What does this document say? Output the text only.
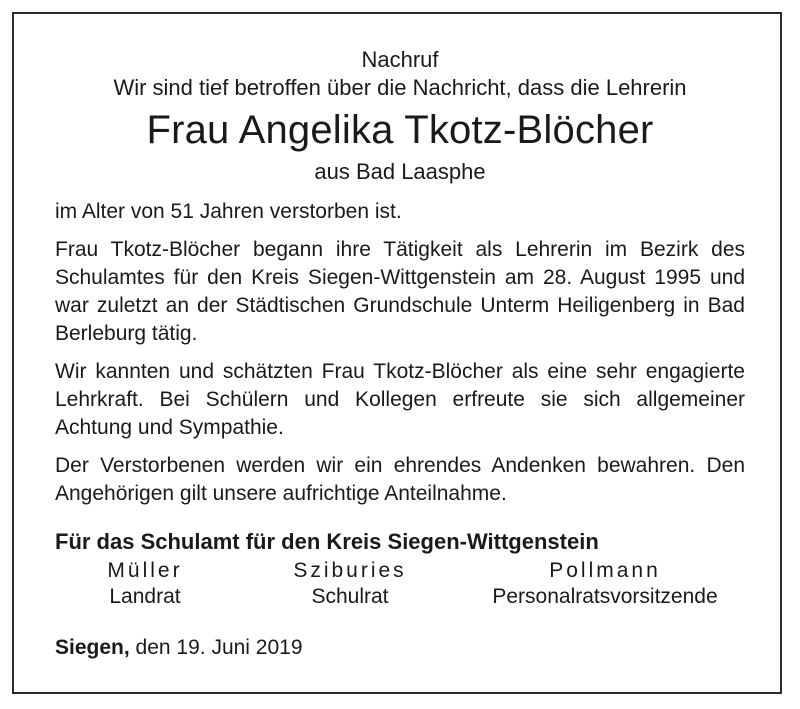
Nachruf
Wir sind tief betroffen über die Nachricht, dass die Lehrerin
Frau Angelika Tkotz-Blöcher
aus Bad Laasphe
im Alter von 51 Jahren verstorben ist.
Frau Tkotz-Blöcher begann ihre Tätigkeit als Lehrerin im Bezirk des Schulamtes für den Kreis Siegen-Wittgenstein am 28. August 1995 und war zuletzt an der Städtischen Grundschule Unterm Heiligenberg in Bad Berleburg tätig.
Wir kannten und schätzten Frau Tkotz-Blöcher als eine sehr engagierte Lehrkraft. Bei Schülern und Kollegen erfreute sie sich allgemeiner Achtung und Sympathie.
Der Verstorbenen werden wir ein ehrendes Andenken bewahren. Den Angehörigen gilt unsere aufrichtige Anteilnahme.
Für das Schulamt für den Kreis Siegen-Wittgenstein
Müller
Landrat
Sziburies
Schulrat
Pollmann
Personalratsvorsitzende
Siegen, den 19. Juni 2019
